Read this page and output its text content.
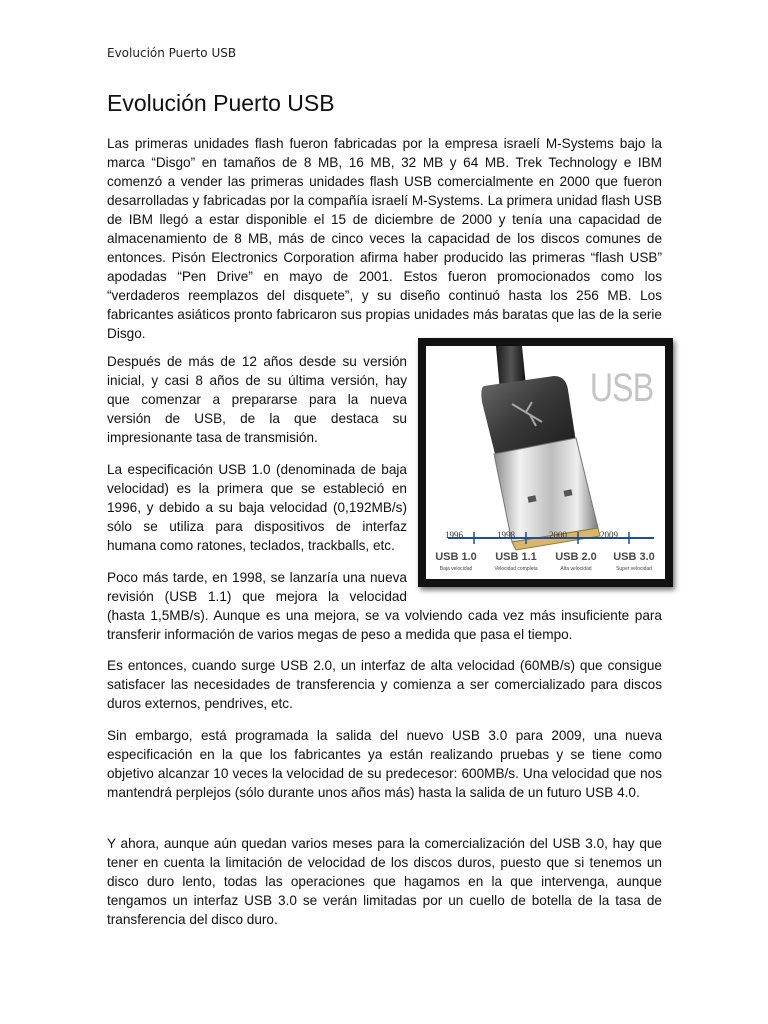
Evolución Puerto USB
Evolución Puerto USB

Las primeras unidades flash fueron fabricadas por la empresa israelí M-Systems bajo la marca “Disgo” en tamaños de 8 MB, 16 MB, 32 MB y 64 MB. Trek Technology e IBM comenzó a vender las primeras unidades flash USB comercialmente en 2000 que fueron desarrolladas y fabricadas por la compañía israelí M-Systems. La primera unidad flash USB de IBM llegó a estar disponible el 15 de diciembre de 2000 y tenía una capacidad de almacenamiento de 8 MB, más de cinco veces la capacidad de los discos comunes de entonces. Pisón Electronics Corporation afirma haber producido las primeras “flash USB” apodadas “Pen Drive” en mayo de 2001. Estos fueron promocionados como los “verdaderos reemplazos del disquete”, y su diseño continuó hasta los 256 MB. Los fabricantes asiáticos pronto fabricaron sus propias unidades más baratas que las de la serie Disgo.

Después de más de 12 años desde su versión inicial, y casi 8 años de su última versión, hay que comenzar a prepararse para la nueva versión de USB, de la que destaca su impresionante tasa de transmisión.

La especificación USB 1.0 (denominada de baja velocidad) es la primera que se estableció en 1996, y debido a su baja velocidad (0,192MB/s) sólo se utiliza para dispositivos de interfaz humana como ratones, teclados, trackballs, etc.

Poco más tarde, en 1998, se lanzaría una nueva
revisión (USB 1.1) que mejora la velocidad
(hasta 1,5MB/s). Aunque es una mejora, se va volviendo cada vez más insuficiente para transferir información de varios megas de peso a medida que pasa el tiempo.

Es entonces, cuando surge USB 2.0, un interfaz de alta velocidad (60MB/s) que consigue satisfacer las necesidades de transferencia y comienza a ser comercializado para discos duros externos, pendrives, etc.

Sin embargo, está programada la salida del nuevo USB 3.0 para 2009, una nueva especificación en la que los fabricantes ya están realizando pruebas y se tiene como objetivo alcanzar 10 veces la velocidad de su predecesor: 600MB/s. Una velocidad que nos mantendrá perplejos (sólo durante unos años más) hasta la salida de un futuro USB 4.0.

Y ahora, aunque aún quedan varios meses para la comercialización del USB 3.0, hay que tener en cuenta la limitación de velocidad de los discos duros, puesto que si tenemos un disco duro lento, todas las operaciones que hagamos en la que intervenga, aunque tengamos un interfaz USB 3.0 se verán limitadas por un cuello de botella de la tasa de transferencia del disco duro.

USB
1996	1998	2000	2009
USB 1.0	USB 1.1	USB 2.0	USB 3.0
Baja velocidad	Velocidad completa	Alta velocidad	Super velocidad
